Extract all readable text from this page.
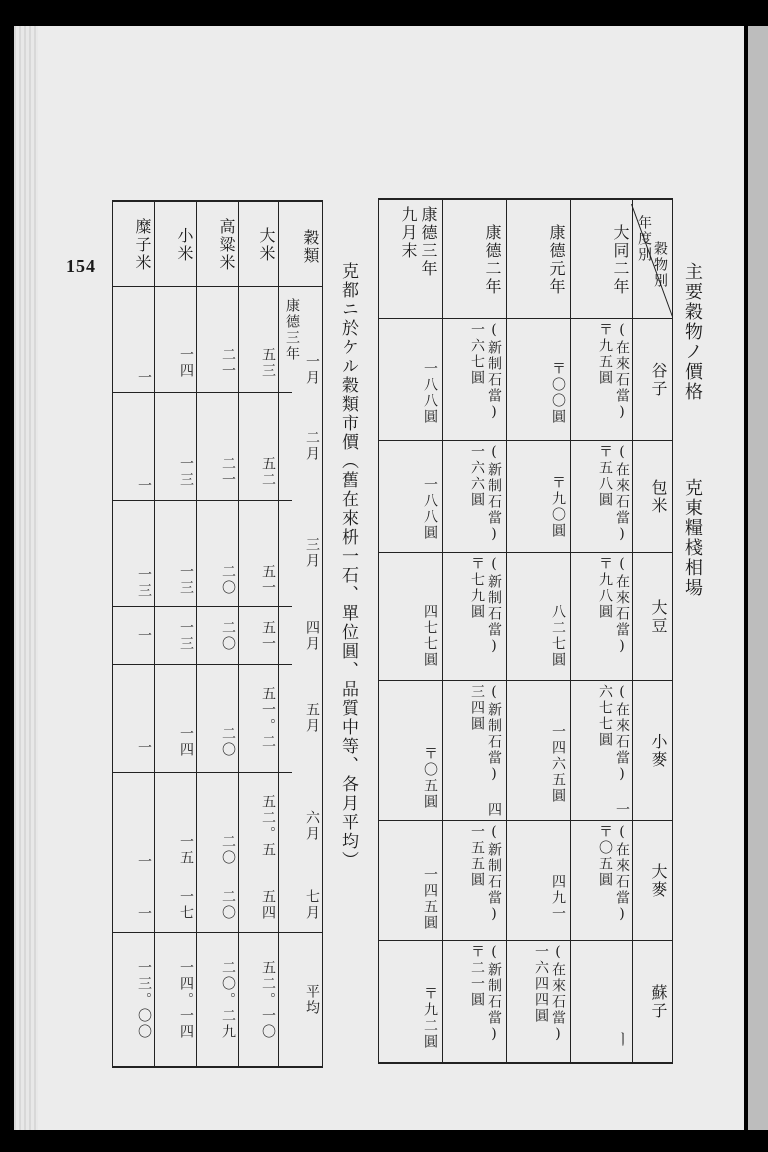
154	主要穀物ノ價格
克東糧棧相場
年度別
穀物別
谷子
包米
大豆
小麥
大麥
蘇子
大同二年
康德元年
康德二年
康德三年 九月末
(在來石當) 〒九五圓
(在來石當) 〒五八圓
(在來石當) 〒九八圓
(在來石當) 一六七七圓
(在來石當) 〒〇五圓
ㅣ
〒〇〇圓
〒九〇圓
八二七圓
一四六五圓
四九一
(在來石當) 一六四四圓
(新制石當) 一六七圓
(新制石當) 一六六圓
(新制石當) 〒七九圓
(新制石當) 四三四圓
(新制石當) 一五五圓
(新制石當) 〒二一圓
一八八圓
一八八圓
四七七圓
〒〇五圓
一四五圓
〒九二圓
克都ニ於ケル穀類市價（舊在來枡一石、單位圓、品質中等、各月平均）
穀類
康德三年
一月
二月
三月
四月
五月
六月
七月
平均
大米
高粱米
小米
糜子米
五三
五二
五一
五一
五一。二
五二。五
五四
五二。一〇
二一
二一
二〇
二〇
二〇
二〇
二〇
二〇。二九
一四
一三
一三
一三
一四
一五
一七
一四。一四
一
一
一三
一
一
一
一
一三。〇〇
